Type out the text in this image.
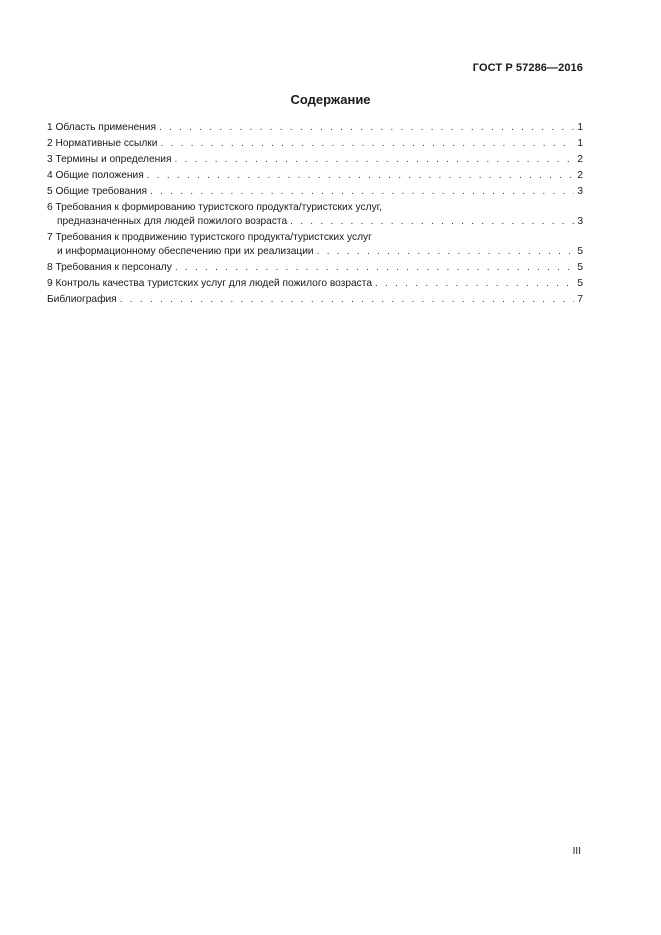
ГОСТ Р 57286—2016
Содержание
1 Область применения . . .	1
2 Нормативные ссылки . . .	1
3 Термины и определения . . .	2
4 Общие положения . . .	2
5 Общие требования . . .	3
6 Требования к формированию туристского продукта/туристских услуг,
предназначенных для людей пожилого возраста . . .	3
7 Требования к продвижению туристского продукта/туристских услуг
и информационному обеспечению при их реализации . . .	5
8 Требования к персоналу . . .	5
9 Контроль качества туристских услуг для людей пожилого возраста . . .	5
Библиография . . .	7
III
